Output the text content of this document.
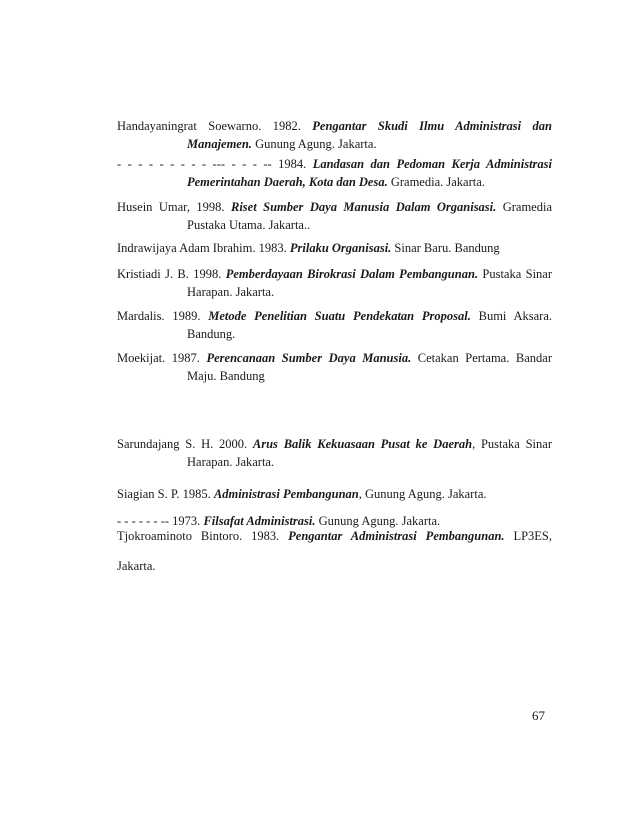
Handayaningrat Soewarno. 1982. Pengantar Skudi Ilmu Administrasi dan
Manajemen. Gunung Agung. Jakarta.
- - - - - - - - - --- - - - -- 1984. Landasan dan Pedoman Kerja Administrasi
Pemerintahan Daerah, Kota dan Desa. Gramedia. Jakarta.
Husein Umar, 1998. Riset Sumber Daya Manusia Dalam Organisasi. Gramedia
Pustaka Utama. Jakarta..
Indrawijaya Adam Ibrahim. 1983. Prilaku Organisasi. Sinar Baru. Bandung
Kristiadi J. B. 1998. Pemberdayaan Birokrasi Dalam Pembangunan. Pustaka Sinar
Harapan. Jakarta.
Mardalis. 1989. Metode Penelitian Suatu Pendekatan Proposal. Bumi Aksara.
Bandung.
Moekijat. 1987. Perencanaan Sumber Daya Manusia. Cetakan Pertama. Bandar
Maju. Bandung
Sarundajang S. H. 2000. Arus Balik Kekuasaan Pusat ke Daerah, Pustaka Sinar
Harapan. Jakarta.
Siagian S. P. 1985. Administrasi Pembangunan, Gunung Agung. Jakarta.
- - - - - - -- 1973. Filsafat Administrasi. Gunung Agung. Jakarta.
Tjokroaminoto Bintoro. 1983. Pengantar Administrasi Pembangunan. LP3ES,
Jakarta.
67
